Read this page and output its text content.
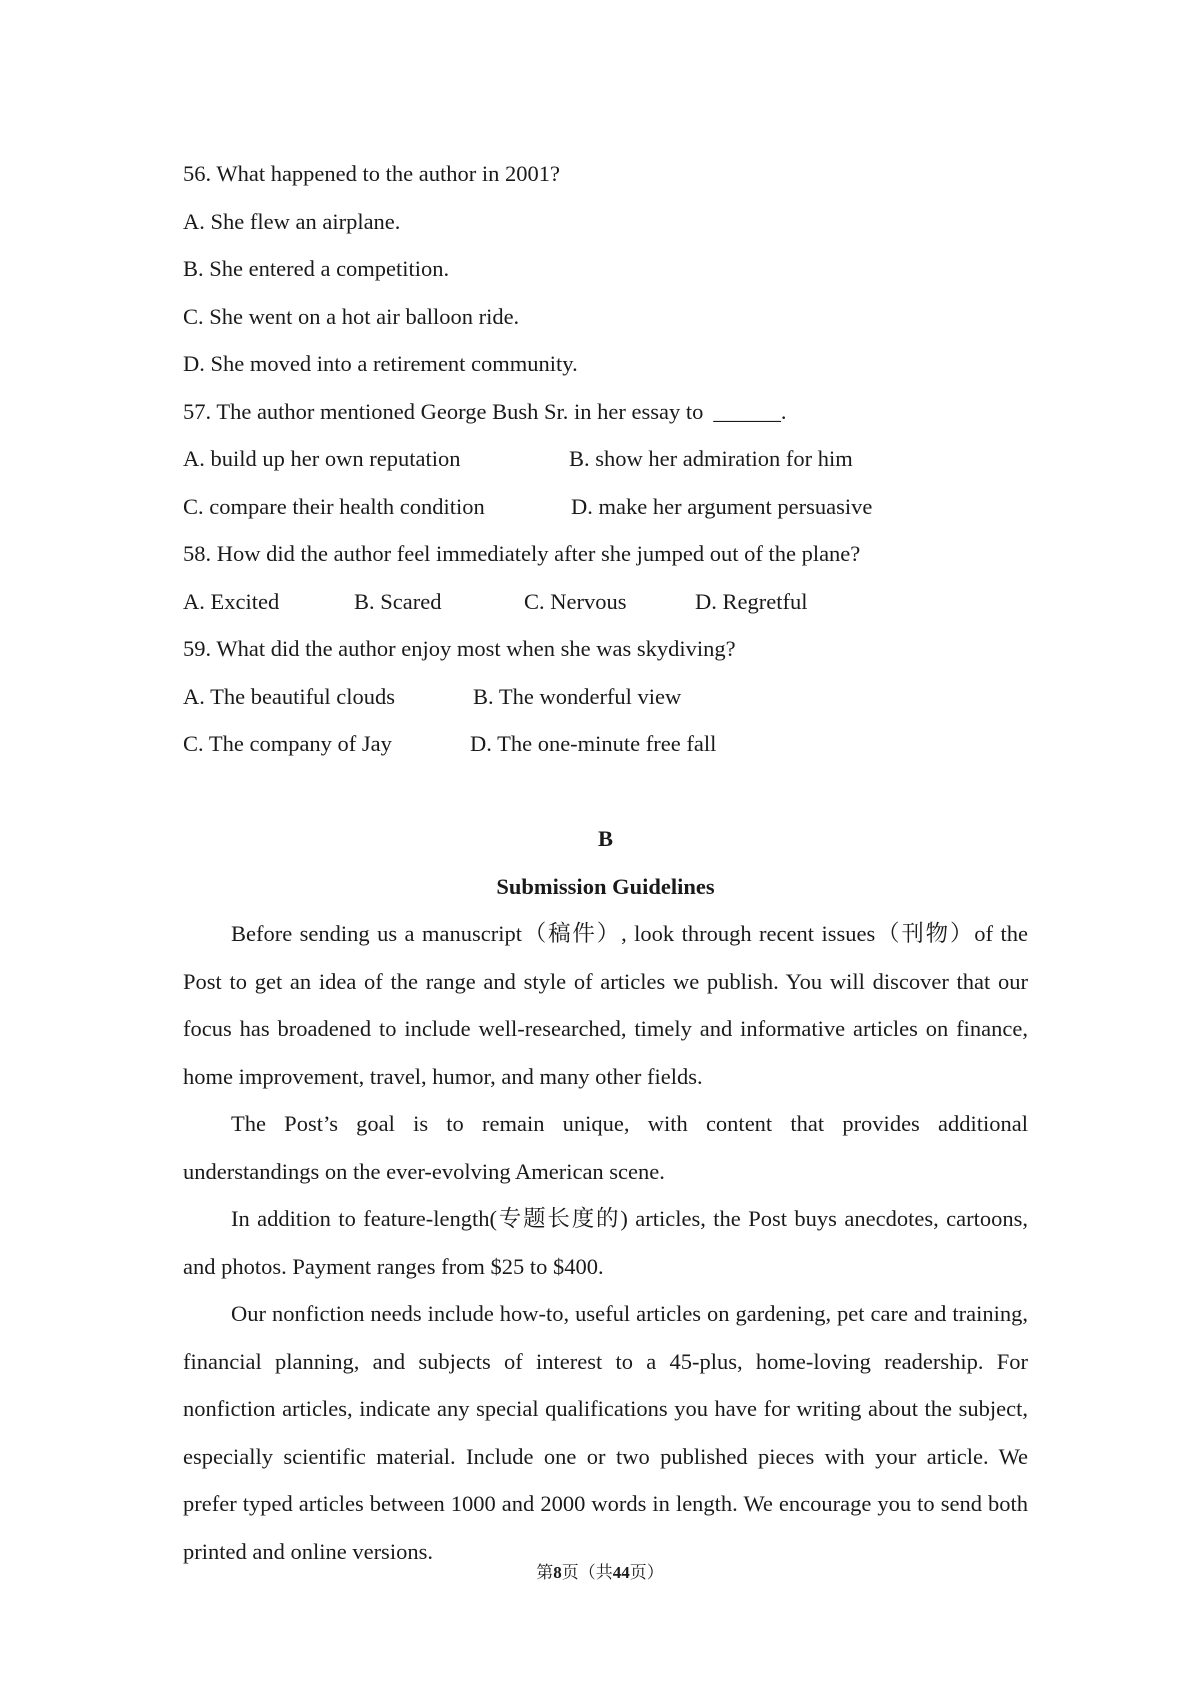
56. What happened to the author in 2001?
A. She flew an airplane.
B. She entered a competition.
C. She went on a hot air balloon ride.
D. She moved into a retirement community.
57. The author mentioned George Bush Sr. in her essay to ______.
A. build up her own reputation	B. show her admiration for him
C. compare their health condition	D. make her argument persuasive
58. How did the author feel immediately after she jumped out of the plane?
A. Excited	B. Scared	C. Nervous	D. Regretful
59. What did the author enjoy most when she was skydiving?
A. The beautiful clouds	B. The wonderful view
C. The company of Jay	D. The one-minute free fall
B
Submission Guidelines

Before sending us a manuscript（稿件）, look through recent issues（刊物）of the Post to get an idea of the range and style of articles we publish. You will discover that our focus has broadened to include well-researched, timely and informative articles on finance, home improvement, travel, humor, and many other fields.

The Post’s goal is to remain unique, with content that provides additional understandings on the ever-evolving American scene.

In addition to feature-length(专题长度的) articles, the Post buys anecdotes, cartoons, and photos. Payment ranges from $25 to $400.

Our nonfiction needs include how-to, useful articles on gardening, pet care and training, financial planning, and subjects of interest to a 45-plus, home-loving readership. For nonfiction articles, indicate any special qualifications you have for writing about the subject, especially scientific material. Include one or two published pieces with your article. We prefer typed articles between 1000 and 2000 words in length. We encourage you to send both printed and online versions.

第8页（共44页）
